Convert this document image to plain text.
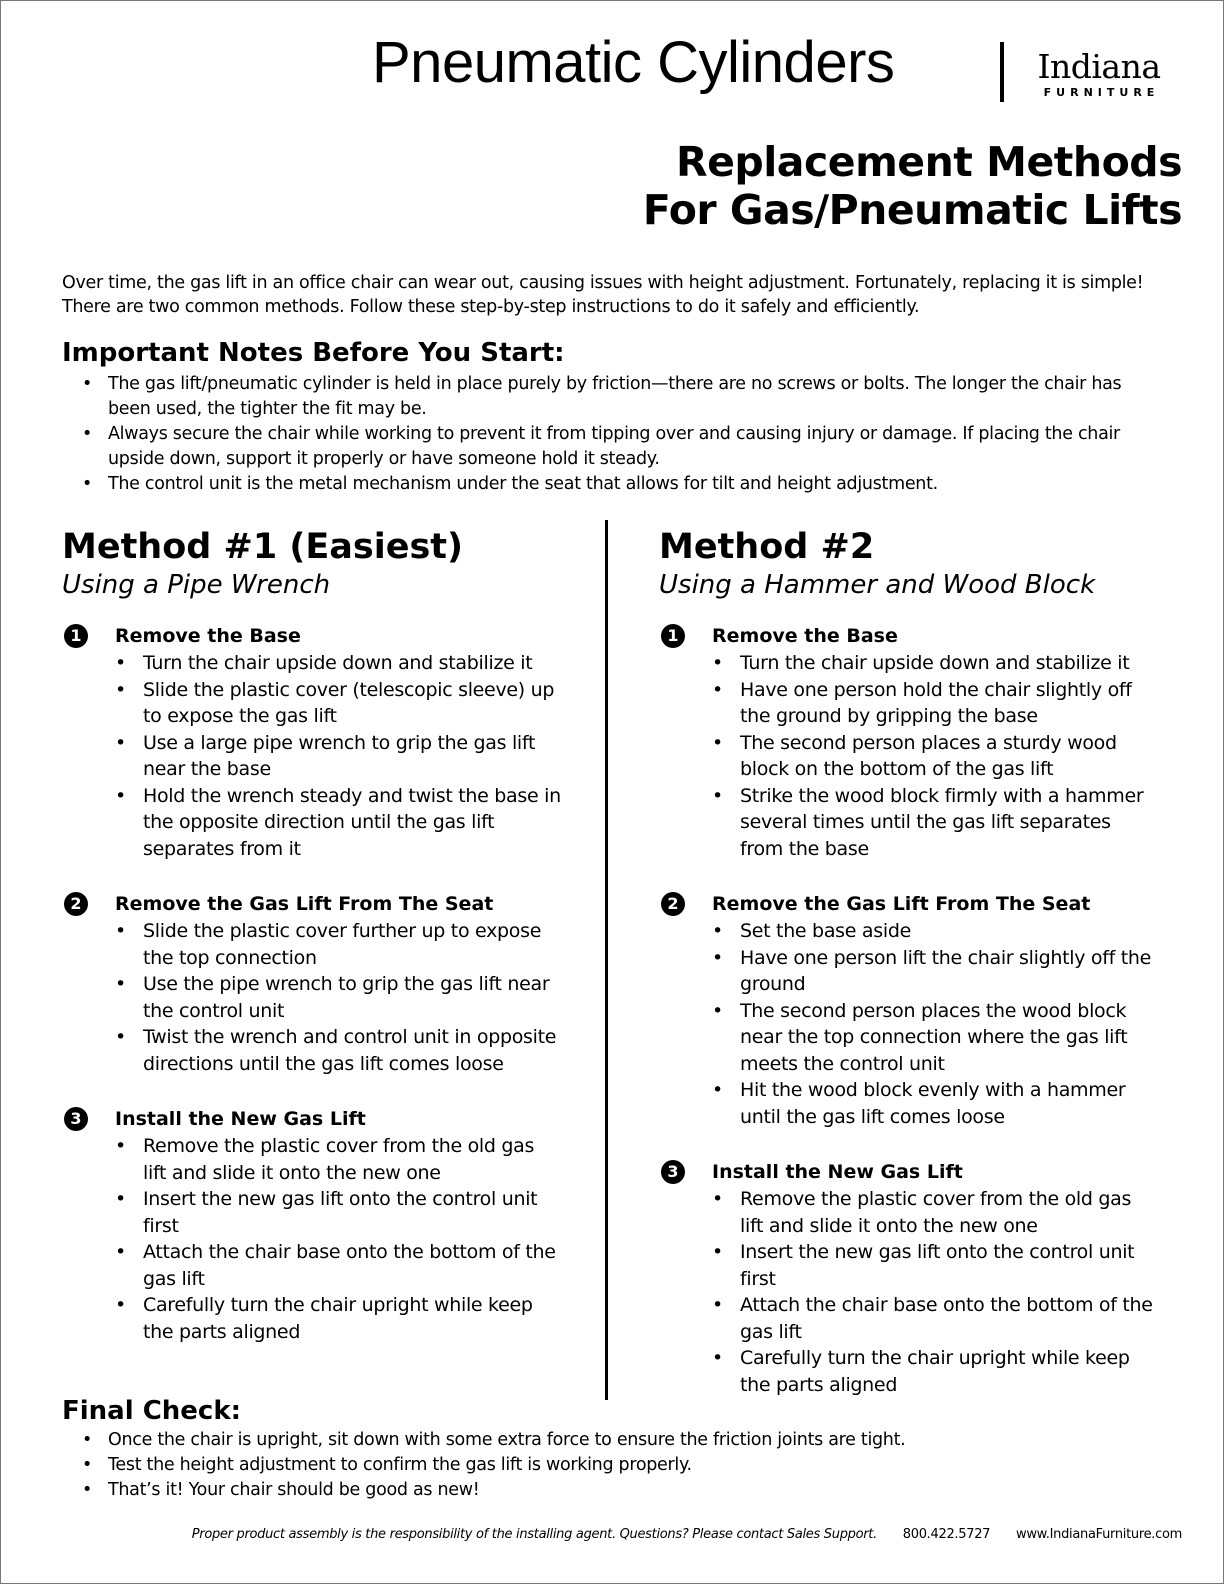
Pneumatic Cylinders	Indiana
FURNITURE
Replacement Methods
For Gas/Pneumatic Lifts
Over time, the gas lift in an office chair can wear out, causing issues with height adjustment. Fortunately, replacing it is simple! There are two common methods. Follow these step-by-step instructions to do it safely and efficiently.
Important Notes Before You Start:
• The gas lift/pneumatic cylinder is held in place purely by friction—there are no screws or bolts. The longer the chair has been used, the tighter the fit may be.
• Always secure the chair while working to prevent it from tipping over and causing injury or damage. If placing the chair upside down, support it properly or have someone hold it steady.
• The control unit is the metal mechanism under the seat that allows for tilt and height adjustment.
Method #1 (Easiest)
Using a Pipe Wrench
1	Remove the Base
• Turn the chair upside down and stabilize it
• Slide the plastic cover (telescopic sleeve) up to expose the gas lift
• Use a large pipe wrench to grip the gas lift near the base
• Hold the wrench steady and twist the base in the opposite direction until the gas lift separates from it
2	Remove the Gas Lift From The Seat
• Slide the plastic cover further up to expose the top connection
• Use the pipe wrench to grip the gas lift near the control unit
• Twist the wrench and control unit in opposite directions until the gas lift comes loose
3	Install the New Gas Lift
• Remove the plastic cover from the old gas lift and slide it onto the new one
• Insert the new gas lift onto the control unit first
• Attach the chair base onto the bottom of the gas lift
• Carefully turn the chair upright while keep the parts aligned
Method #2
Using a Hammer and Wood Block
1	Remove the Base
• Turn the chair upside down and stabilize it
• Have one person hold the chair slightly off the ground by gripping the base
• The second person places a sturdy wood block on the bottom of the gas lift
• Strike the wood block firmly with a hammer several times until the gas lift separates from the base
2	Remove the Gas Lift From The Seat
• Set the base aside
• Have one person lift the chair slightly off the ground
• The second person places the wood block near the top connection where the gas lift meets the control unit
• Hit the wood block evenly with a hammer until the gas lift comes loose
3	Install the New Gas Lift
• Remove the plastic cover from the old gas lift and slide it onto the new one
• Insert the new gas lift onto the control unit first
• Attach the chair base onto the bottom of the gas lift
• Carefully turn the chair upright while keep the parts aligned
Final Check:
• Once the chair is upright, sit down with some extra force to ensure the friction joints are tight.
• Test the height adjustment to confirm the gas lift is working properly.
• That’s it! Your chair should be good as new!
Proper product assembly is the responsibility of the installing agent. Questions? Please contact Sales Support. 800.422.5727 www.IndianaFurniture.com
